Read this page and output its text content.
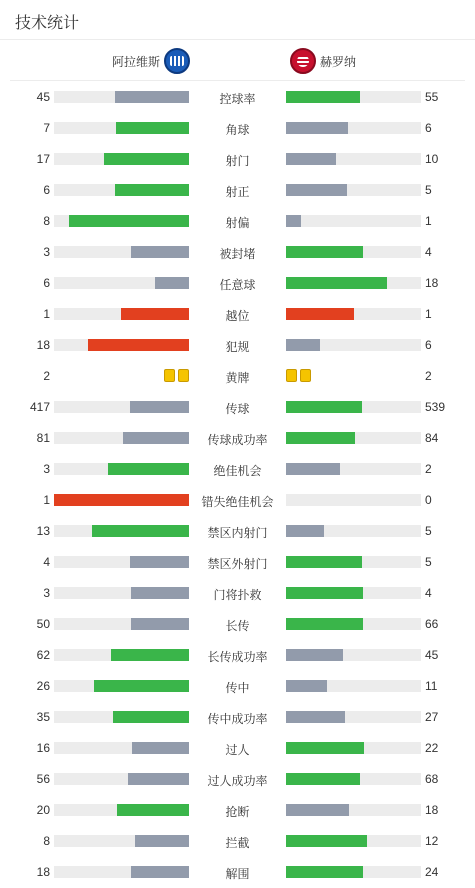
技术统计
阿拉维斯	赫罗纳
45	控球率	55
7	角球	6
17	射门	10
6	射正	5
8	射偏	1
3	被封堵	4
6	任意球	18
1	越位	1
18	犯规	6
2	黄牌	2
417	传球	539
81	传球成功率	84
3	绝佳机会	2
1	错失绝佳机会	0
13	禁区内射门	5
4	禁区外射门	5
3	门将扑救	4
50	长传	66
62	长传成功率	45
26	传中	11
35	传中成功率	27
16	过人	22
56	过人成功率	68
20	抢断	18
8	拦截	12
18	解围	24
